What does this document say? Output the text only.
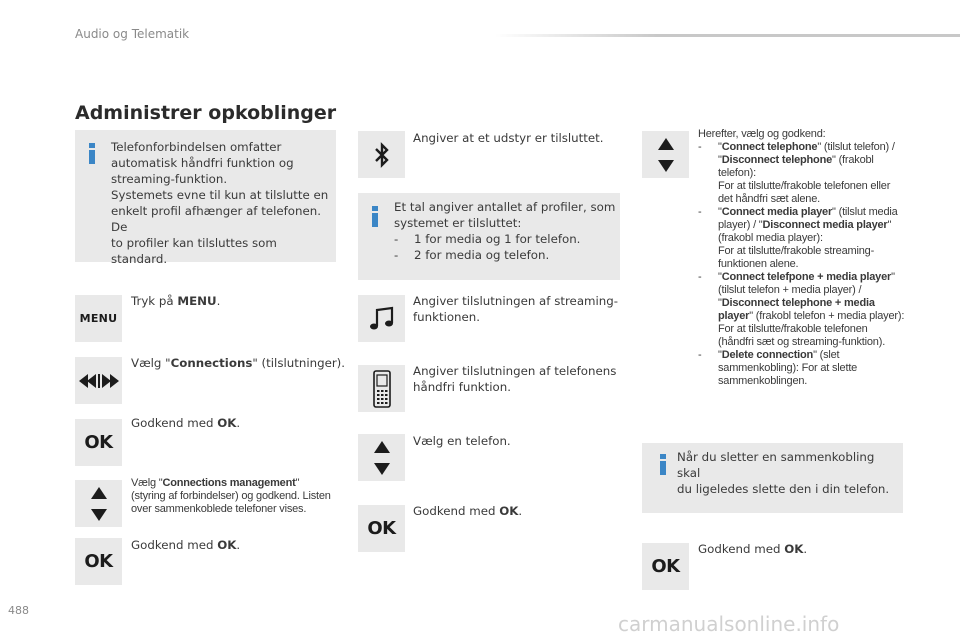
Audio og Telematik
Administrer opkoblinger
Telefonforbindelsen omfatter
automatisk håndfri funktion og
streaming-funktion.
Systemets evne til kun at tilslutte en
enkelt profil afhænger af telefonen. De
to profiler kan tilsluttes som standard.
MENU
Tryk på MENU.
Vælg "Connections" (tilslutninger).
OK
Godkend med OK.
Vælg "Connections management"
(styring af forbindelser) og godkend. Listen
over sammenkoblede telefoner vises.
OK
Godkend med OK.
Angiver at et udstyr er tilsluttet.
Et tal angiver antallet af profiler, som
systemet er tilsluttet:
-	1 for media og 1 for telefon.
-	2 for media og telefon.
Angiver tilslutningen af streaming-
funktionen.
Angiver tilslutningen af telefonens
håndfri funktion.
Vælg en telefon.
OK
Godkend med OK.
Herefter, vælg og godkend:
-	"Connect telephone" (tilslut telefon) /
"Disconnect telephone" (frakobl
telefon):
For at tilslutte/frakoble telefonen eller
det håndfri sæt alene.
-	"Connect media player" (tilslut media
player) / "Disconnect media player"
(frakobl media player):
For at tilslutte/frakoble streaming-
funktionen alene.
-	"Connect telefpone + media player"
(tilslut telefon + media player) /
"Disconnect telephone + media
player" (frakobl telefon + media player):
For at tilslutte/frakoble telefonen
(håndfri sæt og streaming-funktion).
-	"Delete connection" (slet
sammenkobling): For at slette
sammenkoblingen.
Når du sletter en sammenkobling skal
du ligeledes slette den i din telefon.
OK
Godkend med OK.
488
carmanualsonline.info
